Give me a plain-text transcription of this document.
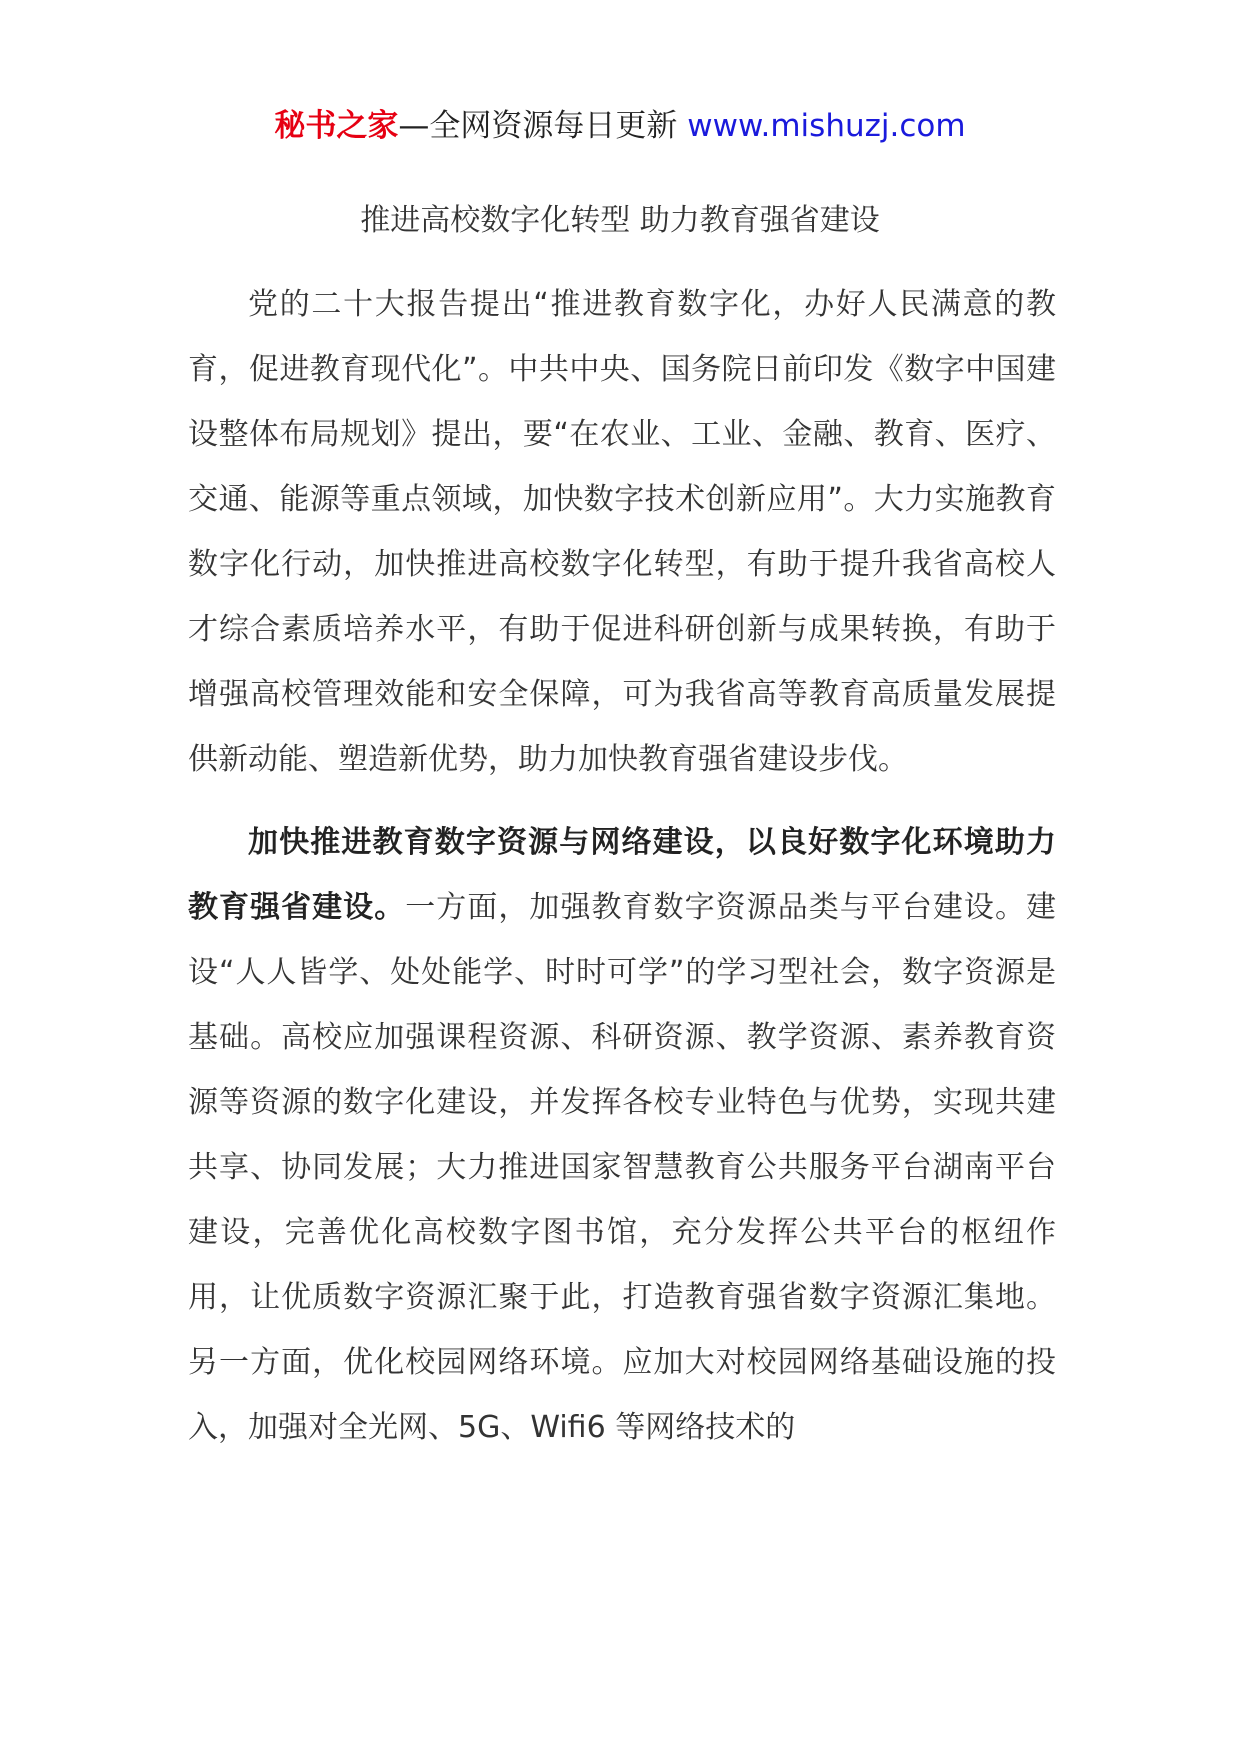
秘书之家—全网资源每日更新 www.mishuzj.com
推进高校数字化转型 助力教育强省建设

党的二十大报告提出“推进教育数字化，办好人民满意的教育，促进教育现代化”。中共中央、国务院日前印发《数字中国建设整体布局规划》提出，要“在农业、工业、金融、教育、医疗、交通、能源等重点领域，加快数字技术创新应用”。大力实施教育数字化行动，加快推进高校数字化转型，有助于提升我省高校人才综合素质培养水平，有助于促进科研创新与成果转换，有助于增强高校管理效能和安全保障，可为我省高等教育高质量发展提供新动能、塑造新优势，助力加快教育强省建设步伐。

加快推进教育数字资源与网络建设，以良好数字化环境助力教育强省建设。一方面，加强教育数字资源品类与平台建设。建设“人人皆学、处处能学、时时可学”的学习型社会，数字资源是基础。高校应加强课程资源、科研资源、教学资源、素养教育资源等资源的数字化建设，并发挥各校专业特色与优势，实现共建共享、协同发展；大力推进国家智慧教育公共服务平台湖南平台建设，完善优化高校数字图书馆，充分发挥公共平台的枢纽作用，让优质数字资源汇聚于此，打造教育强省数字资源汇集地。另一方面，优化校园网络环境。应加大对校园网络基础设施的投入，加强对全光网、5G、Wifi6 等网络技术的
